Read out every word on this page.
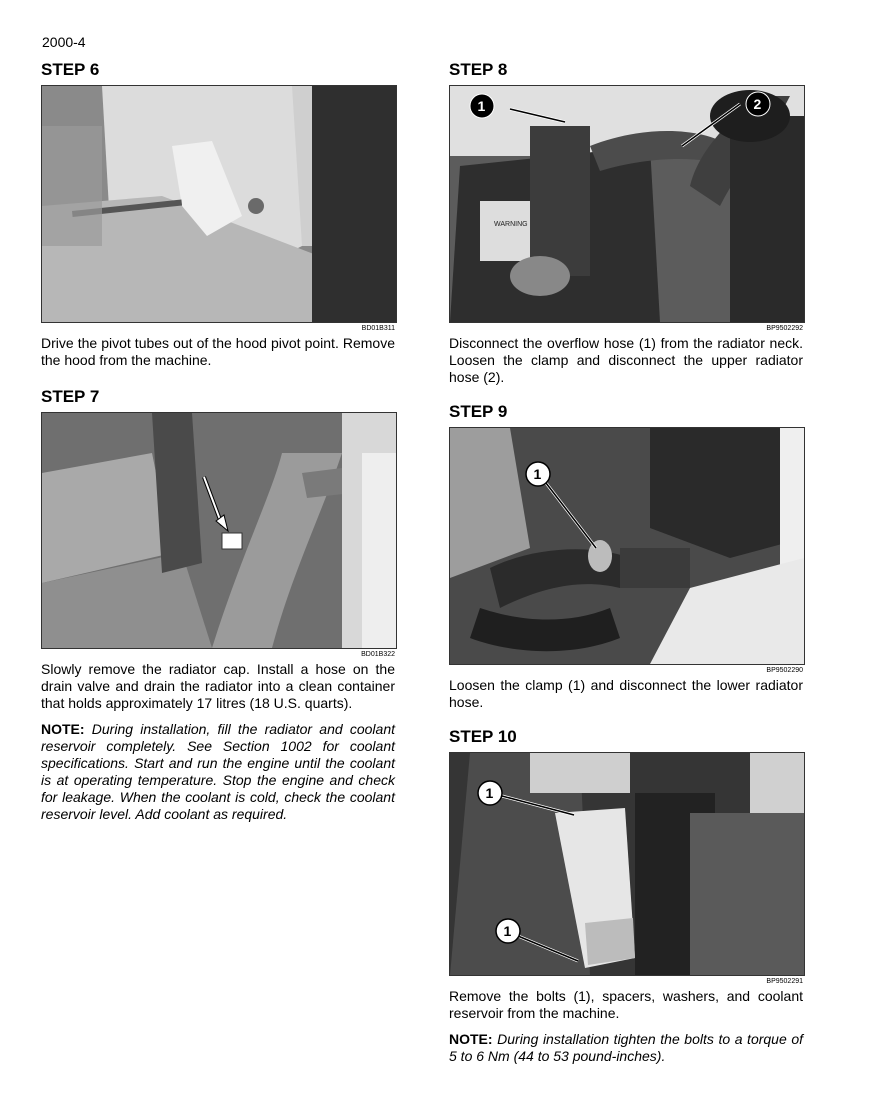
2000-4
STEP 6
BD01B311

Drive the pivot tubes out of the hood pivot point. Remove the hood from the machine.

STEP 7
BD01B322

Slowly remove the radiator cap. Install a hose on the drain valve and drain the radiator into a clean container that holds approximately 17 litres (18 U.S. quarts).

NOTE: During installation, fill the radiator and coolant reservoir completely. See Section 1002 for coolant specifications. Start and run the engine until the coolant is at operating temperature. Stop the engine and check for leakage. When the coolant is cold, check the coolant reservoir level. Add coolant as required.

STEP 8
WARNING
1	2
BP9502292

Disconnect the overflow hose (1) from the radiator neck. Loosen the clamp and disconnect the upper radiator hose (2).

STEP 9
1
BP9502290

Loosen the clamp (1) and disconnect the lower radiator hose.

STEP 10
1
1
BP9502291

Remove the bolts (1), spacers, washers, and coolant reservoir from the machine.

NOTE: During installation tighten the bolts to a torque of 5 to 6 Nm (44 to 53 pound-inches).
